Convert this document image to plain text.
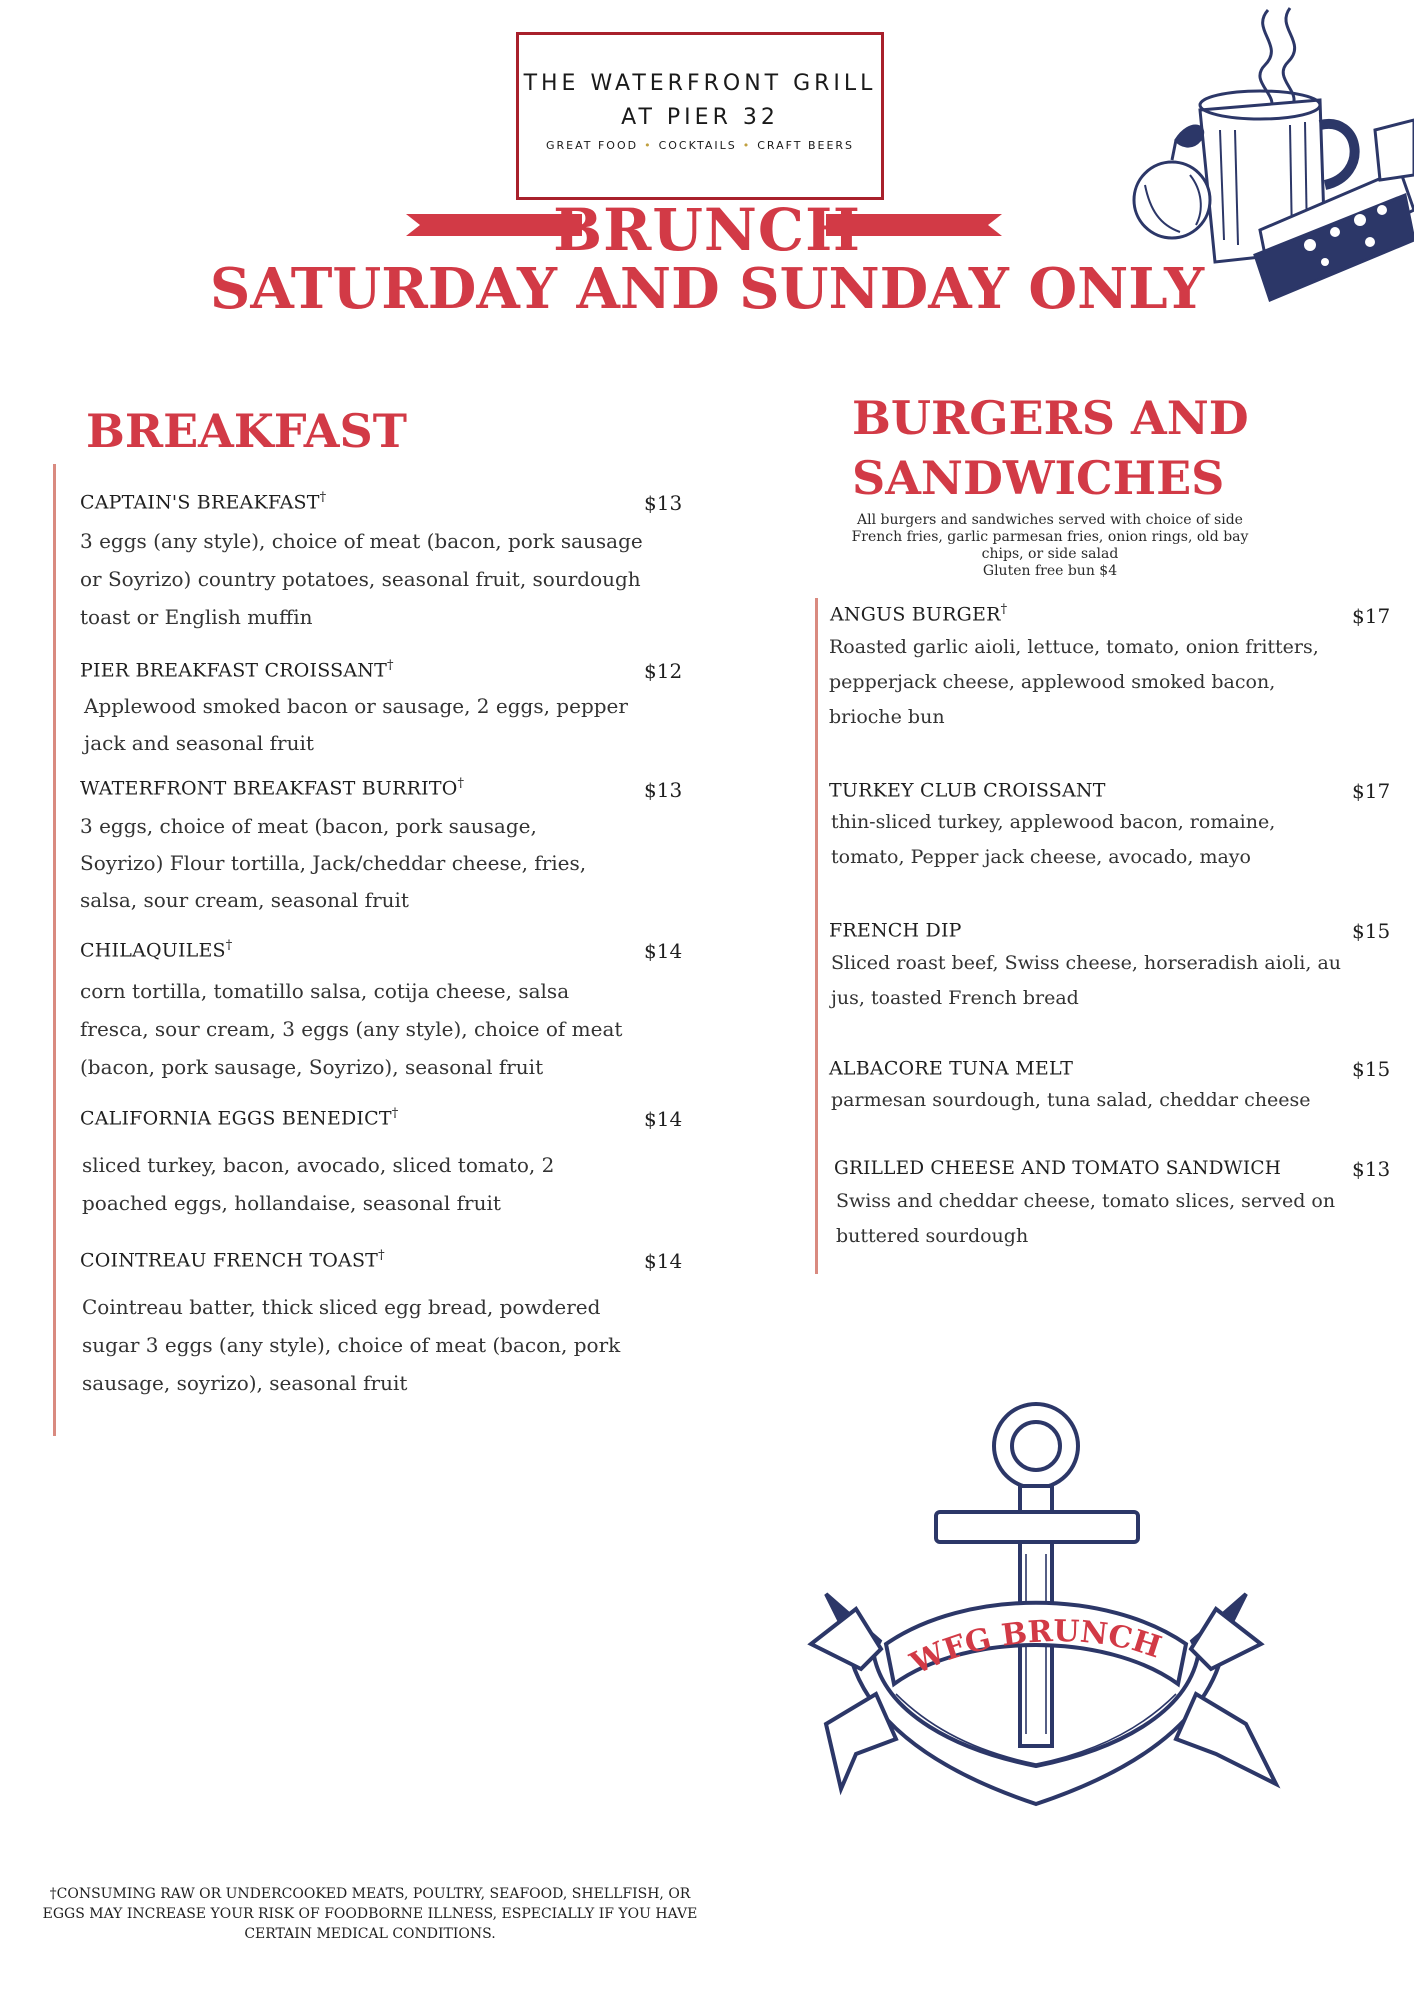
THE WATERFRONT GRILL
AT PIER 32
GREAT FOOD • COCKTAILS • CRAFT BEERS
BRUNCH
SATURDAY AND SUNDAY ONLY
BREAKFAST
CAPTAIN'S BREAKFAST†	$13
3 eggs (any style), choice of meat (bacon, pork sausage or Soyrizo) country potatoes, seasonal fruit, sourdough toast or English muffin
PIER BREAKFAST CROISSANT†	$12
Applewood smoked bacon or sausage, 2 eggs, pepper jack and seasonal fruit
WATERFRONT BREAKFAST BURRITO†	$13
3 eggs, choice of meat (bacon, pork sausage, Soyrizo) Flour tortilla, Jack/cheddar cheese, fries, salsa, sour cream, seasonal fruit
CHILAQUILES†	$14
corn tortilla, tomatillo salsa, cotija cheese, salsa fresca, sour cream, 3 eggs (any style), choice of meat (bacon, pork sausage, Soyrizo), seasonal fruit
CALIFORNIA EGGS BENEDICT†	$14
sliced turkey, bacon, avocado, sliced tomato, 2 poached eggs, hollandaise, seasonal fruit
COINTREAU FRENCH TOAST†	$14
Cointreau batter, thick sliced egg bread, powdered sugar 3 eggs (any style), choice of meat (bacon, pork sausage, soyrizo), seasonal fruit
BURGERS AND
SANDWICHES
All burgers and sandwiches served with choice of side
French fries, garlic parmesan fries, onion rings, old bay
chips, or side salad
Gluten free bun $4
ANGUS BURGER†	$17
Roasted garlic aioli, lettuce, tomato, onion fritters, pepperjack cheese, applewood smoked bacon, brioche bun
TURKEY CLUB CROISSANT	$17
thin-sliced turkey, applewood bacon, romaine, tomato, Pepper jack cheese, avocado, mayo
FRENCH DIP	$15
Sliced roast beef, Swiss cheese, horseradish aioli, au jus, toasted French bread
ALBACORE TUNA MELT	$15
parmesan sourdough, tuna salad, cheddar cheese
GRILLED CHEESE AND TOMATO SANDWICH	$13
Swiss and cheddar cheese, tomato slices, served on buttered sourdough
WFG BRUNCH
†CONSUMING RAW OR UNDERCOOKED MEATS, POULTRY, SEAFOOD, SHELLFISH, OR
EGGS MAY INCREASE YOUR RISK OF FOODBORNE ILLNESS, ESPECIALLY IF YOU HAVE
CERTAIN MEDICAL CONDITIONS.
